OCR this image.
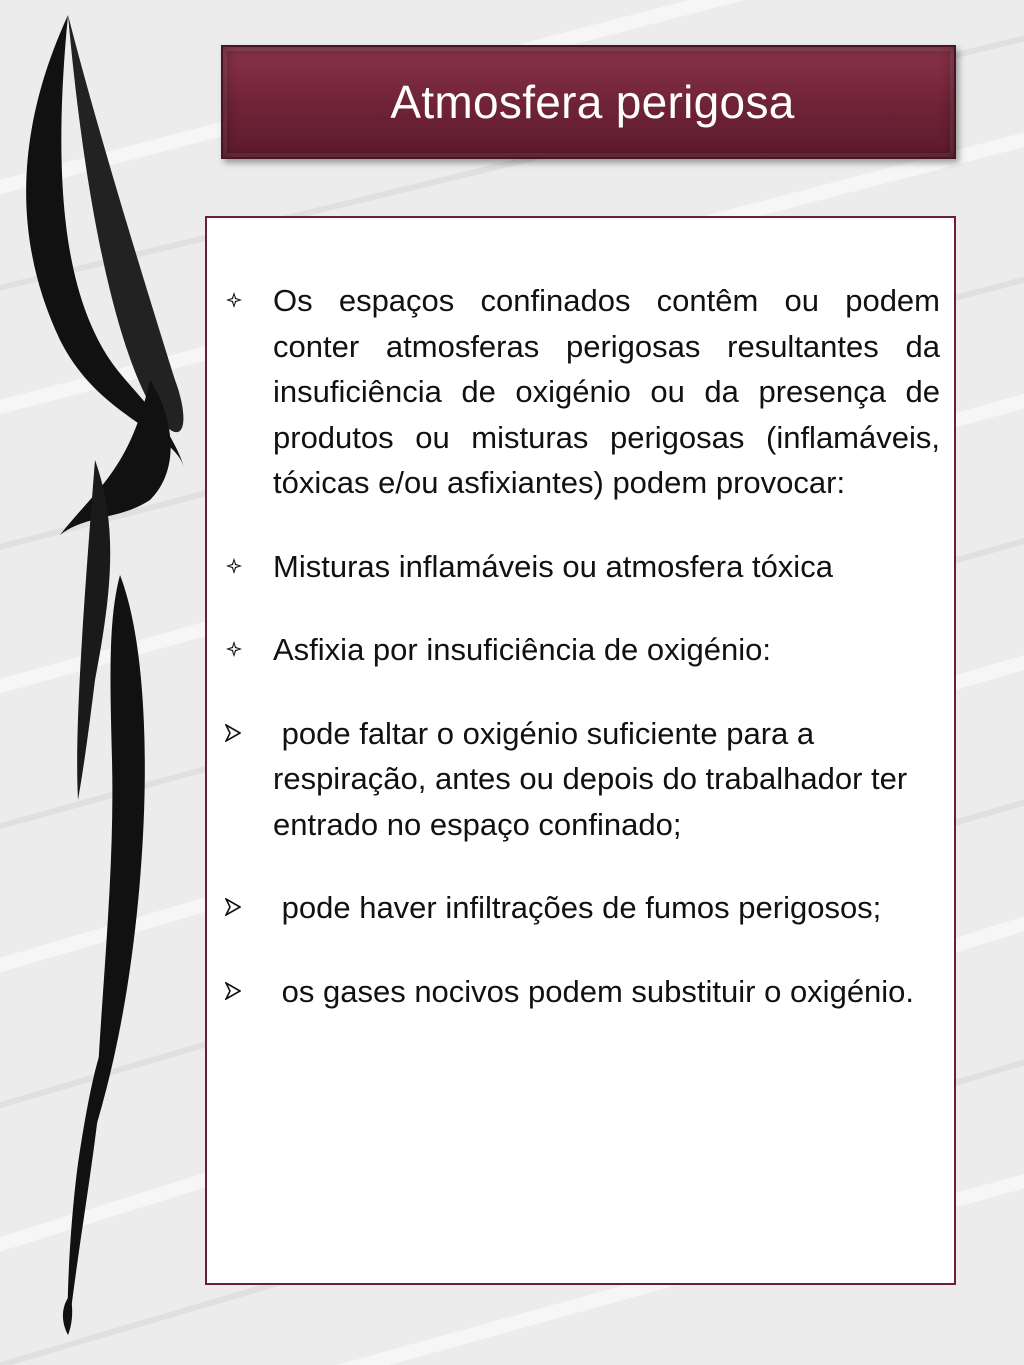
Atmosfera perigosa
Os espaços confinados contêm ou podem conter atmosferas perigosas resultantes da insuficiência de oxigénio ou da presença de produtos ou misturas perigosas (inflamáveis, tóxicas e/ou asfixiantes) podem provocar:
Misturas inflamáveis ou atmosfera tóxica
Asfixia por insuficiência de oxigénio:
pode faltar o oxigénio suficiente para a respiração, antes ou depois do trabalhador ter entrado no espaço confinado;
pode haver infiltrações de fumos perigosos;
os gases nocivos podem substituir o oxigénio.
